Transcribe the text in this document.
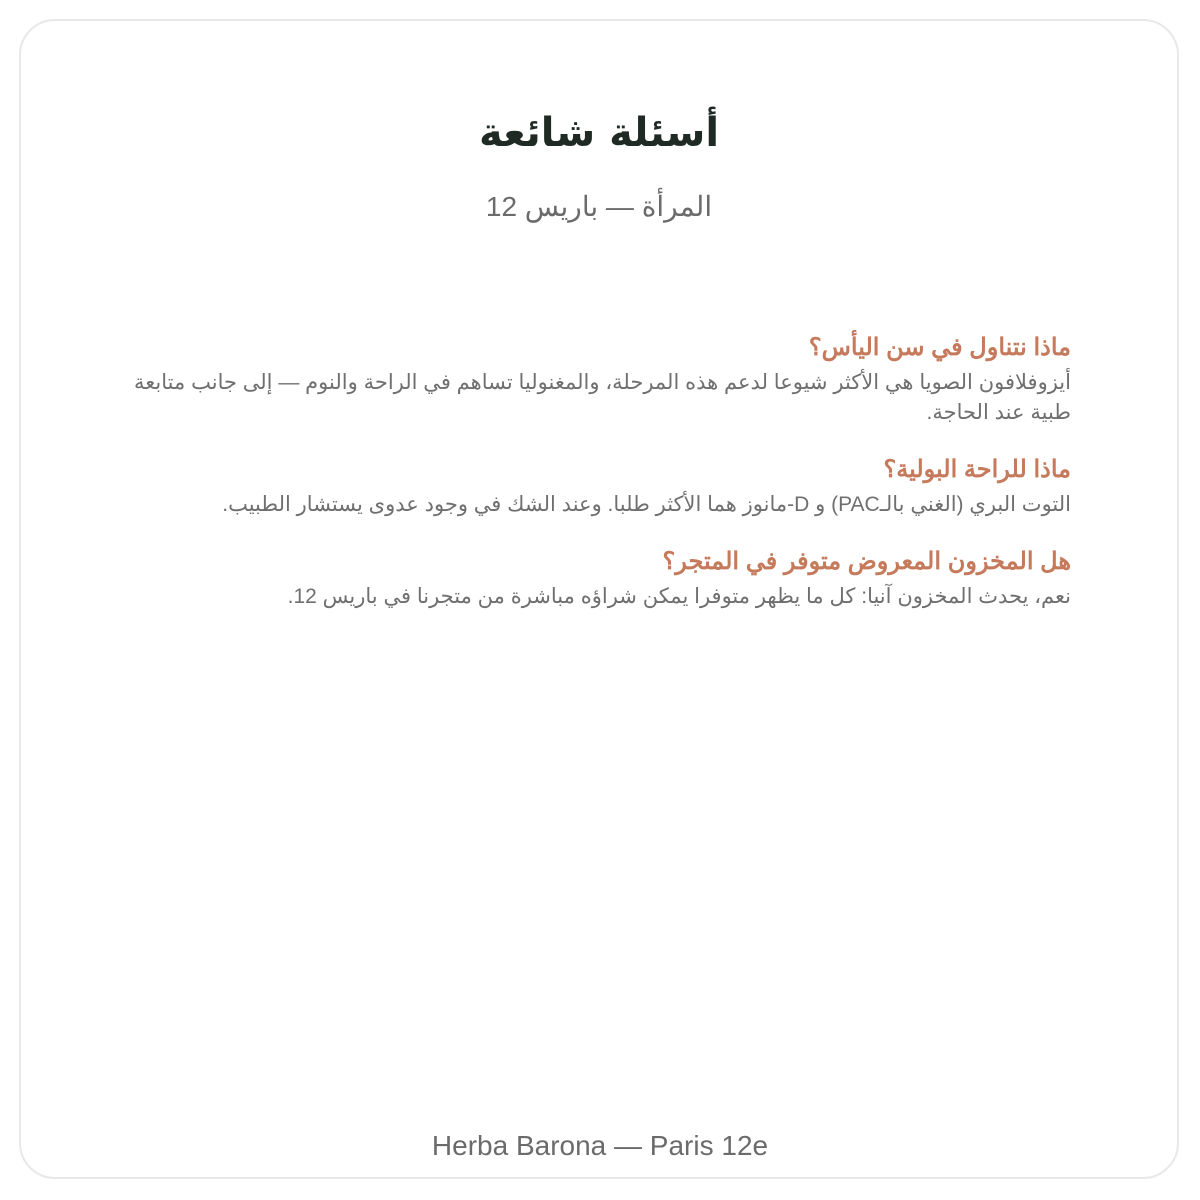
أسئلة شائعة

المرأة — باريس 12

ماذا نتناول في سن اليأس؟

أيزوفلافون الصويا هي الأكثر شيوعا لدعم هذه المرحلة، والمغنوليا تساهم في الراحة والنوم — إلى جانب متابعة طبية عند الحاجة.

ماذا للراحة البولية؟

التوت البري (الغني بالـPAC) و D-مانوز هما الأكثر طلبا. وعند الشك في وجود عدوى يستشار الطبيب.

هل المخزون المعروض متوفر في المتجر؟

نعم، يحدث المخزون آنيا: كل ما يظهر متوفرا يمكن شراؤه مباشرة من متجرنا في باريس 12.

Herba Barona — Paris 12e
